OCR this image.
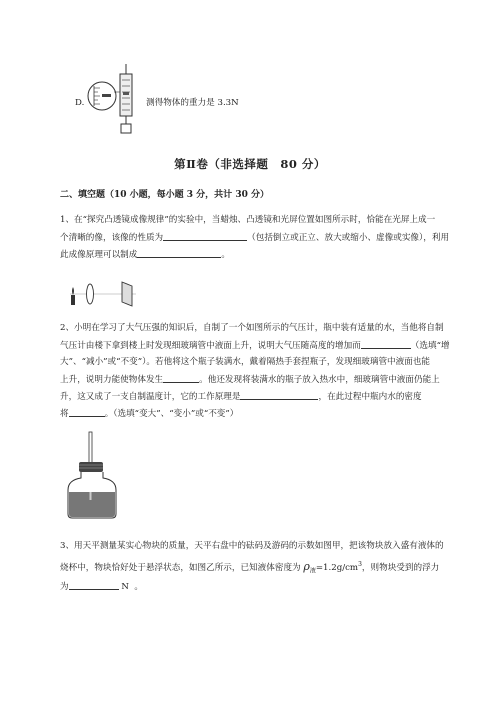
D.	测得物体的重力是 3.3N
第Ⅱ卷（非选择题　80 分）
二、填空题（10 小题，每小题 3 分，共计 30 分）
1、在“探究凸透镜成像规律”的实验中，当蜡烛、凸透镜和光屏位置如图所示时，恰能在光屏上成一
个清晰的像，该像的性质为	（包括倒立或正立、放大或缩小、虚像或实像），利用
此成像原理可以制成	。
2、小明在学习了大气压强的知识后，自制了一个如图所示的气压计，瓶中装有适量的水，当他将自制
气压计由楼下拿到楼上时发现细玻璃管中液面上升，说明大气压随高度的增加而	（选填“增
大”、“减小”或“不变”）。若他将这个瓶子装满水，戴着隔热手套捏瓶子，发现细玻璃管中液面也能
上升，说明力能使物体发生	。他还发现将装满水的瓶子放入热水中，细玻璃管中液面仍能上
升，这又成了一支自制温度计，它的工作原理是	，在此过程中瓶内水的密度
将	。（选填“变大”、“变小”或“不变”）
3、用天平测量某实心物块的质量，天平右盘中的砝码及游码的示数如图甲，把该物块放入盛有液体的
烧杯中，物块恰好处于悬浮状态，如图乙所示，已知液体密度为 $\rho_液=1.2g/cm^3$，则物块受到的浮力
为	N 。
